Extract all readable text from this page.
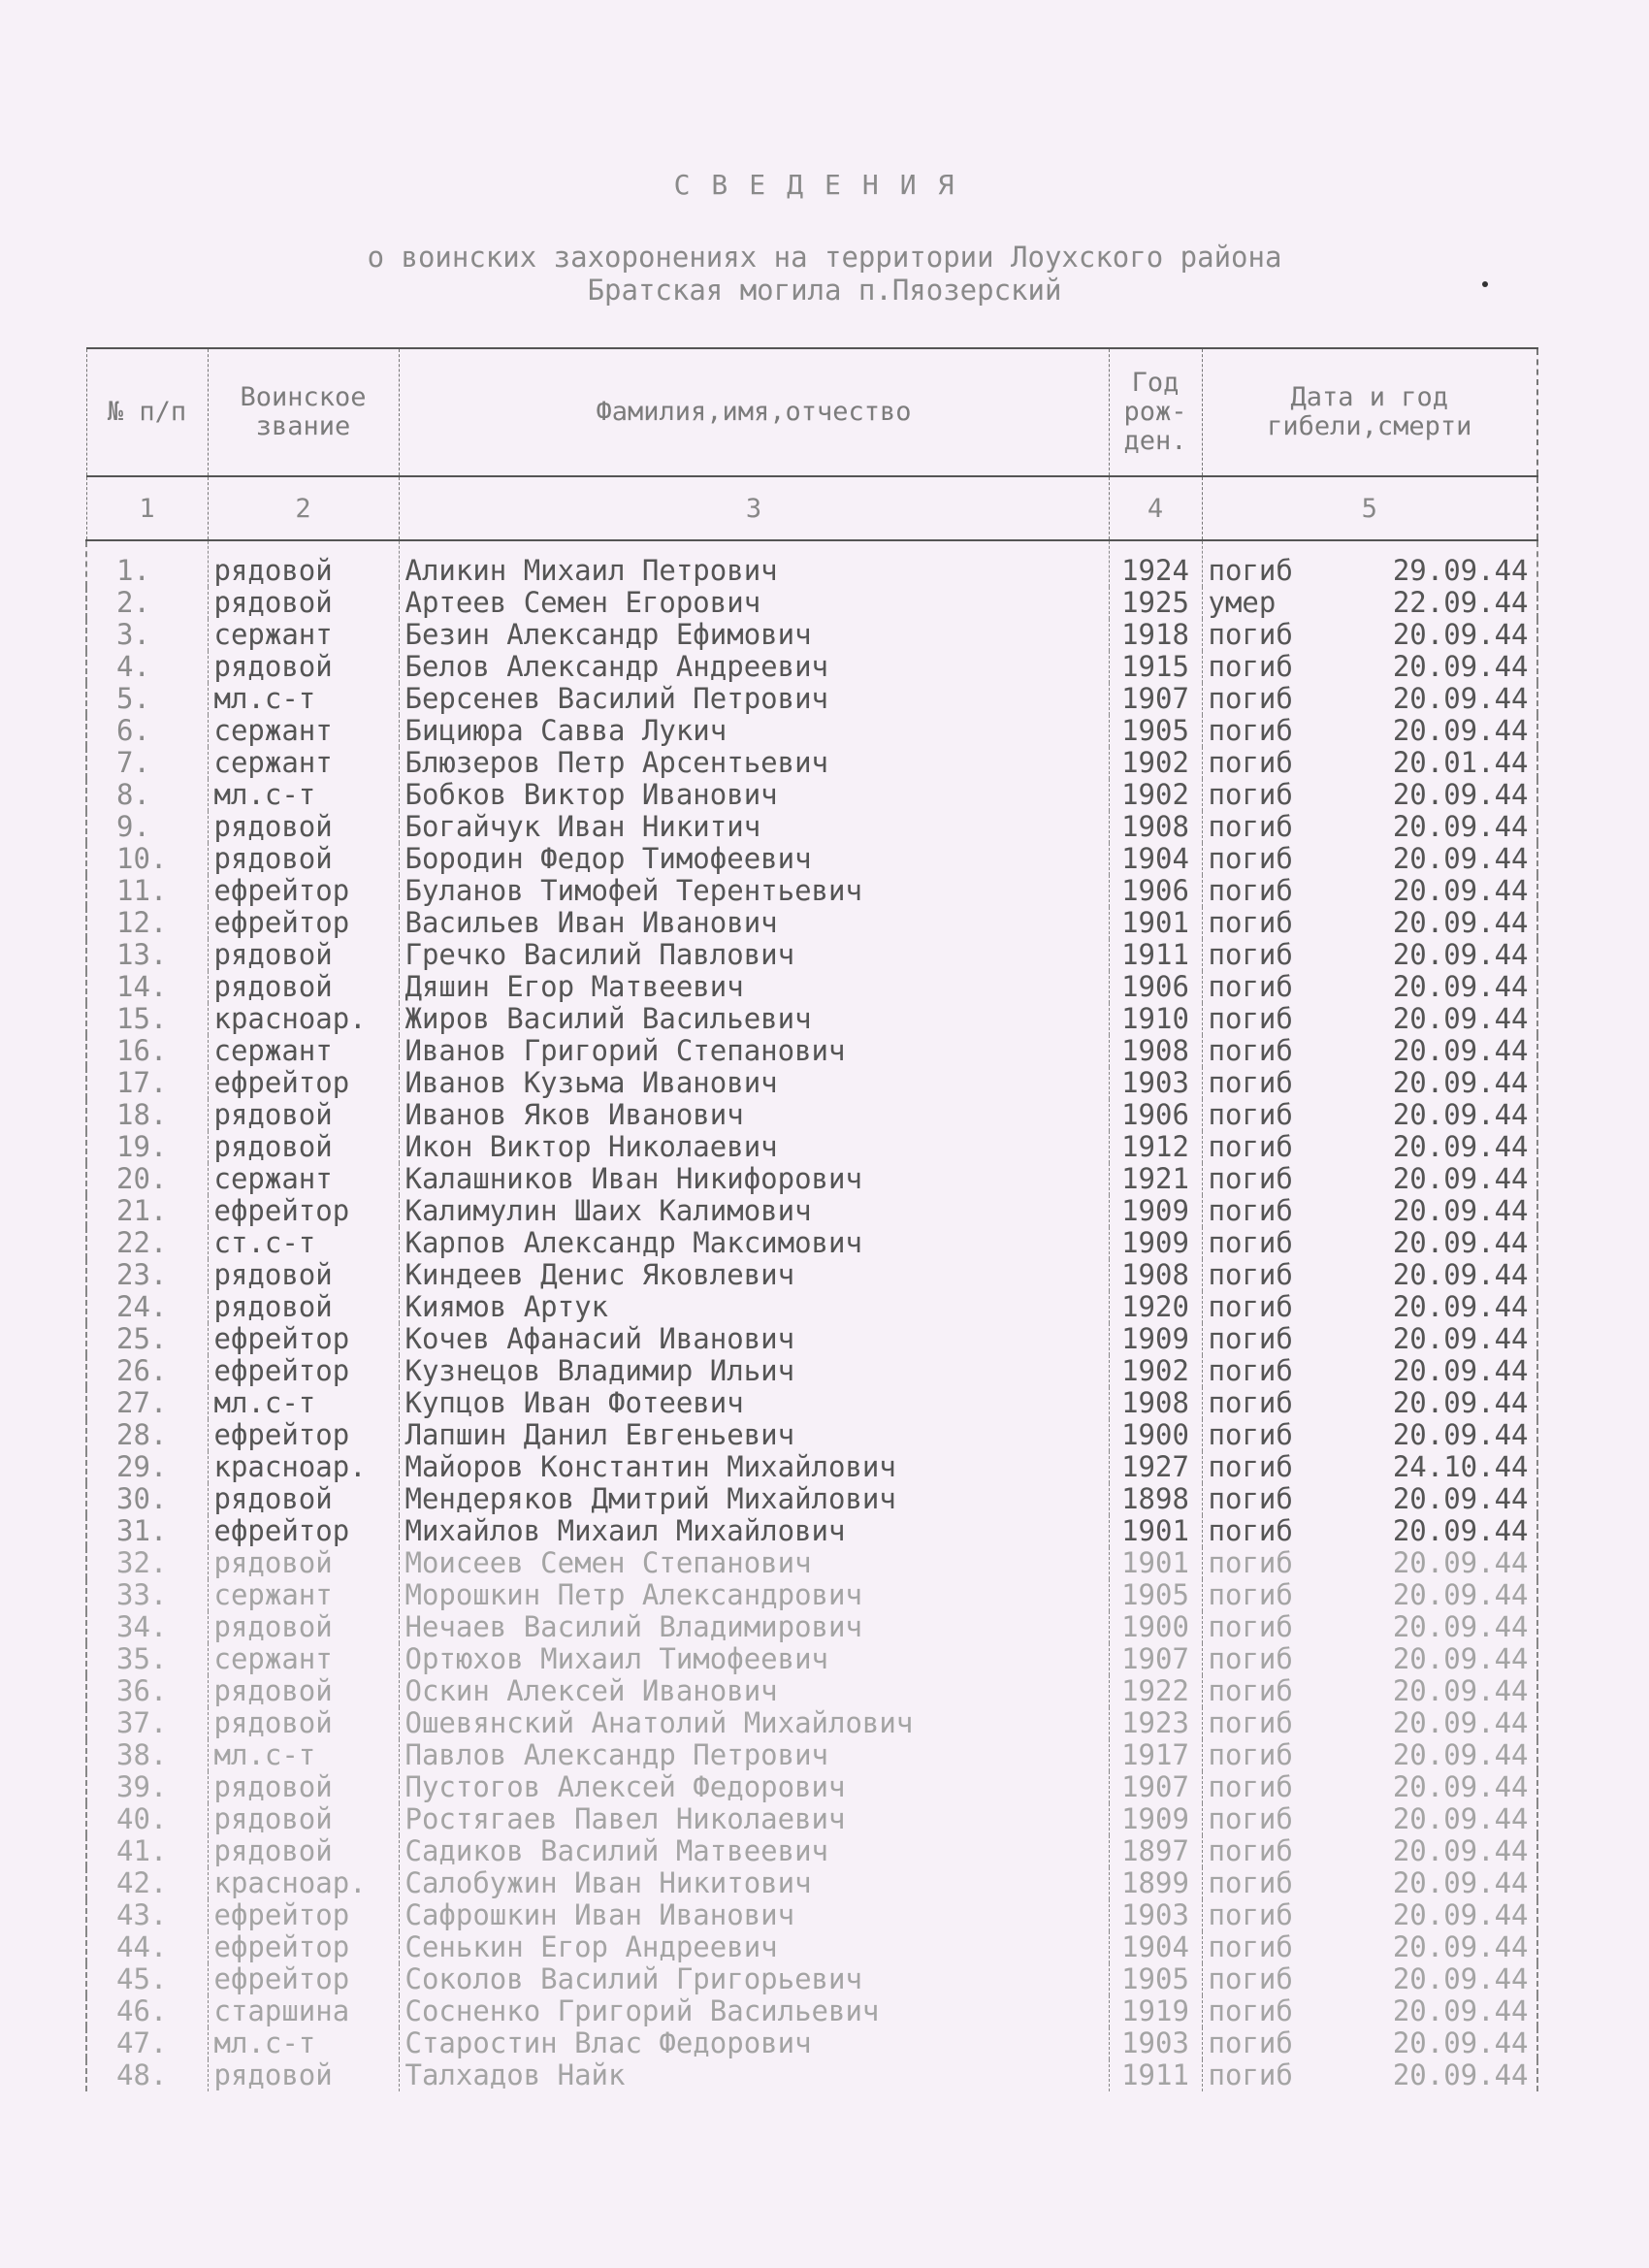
СВЕДЕНИЯ
о воинских захоронениях на территории Лоухского района
Братская могила п.Пяозерский
№ п/п	Воинское звание	Фамилия,имя,отчество	Год рож- ден.	Дата и год гибели,смерти
1	2	3	4	5
1.	рядовой	Аликин Михаил Петрович	1924	погиб 29.09.44
2.	рядовой	Артеев Семен Егорович	1925	умер 22.09.44
3.	сержант	Безин Александр Ефимович	1918	погиб 20.09.44
4.	рядовой	Белов Александр Андреевич	1915	погиб 20.09.44
5.	мл.с-т	Берсенев Василий Петрович	1907	погиб 20.09.44
6.	сержант	Бициюра Савва Лукич	1905	погиб 20.09.44
7.	сержант	Блюзеров Петр Арсентьевич	1902	погиб 20.01.44
8.	мл.с-т	Бобков Виктор Иванович	1902	погиб 20.09.44
9.	рядовой	Богайчук Иван Никитич	1908	погиб 20.09.44
10.	рядовой	Бородин Федор Тимофеевич	1904	погиб 20.09.44
11.	ефрейтор	Буланов Тимофей Терентьевич	1906	погиб 20.09.44
12.	ефрейтор	Васильев Иван Иванович	1901	погиб 20.09.44
13.	рядовой	Гречко Василий Павлович	1911	погиб 20.09.44
14.	рядовой	Дяшин Егор Матвеевич	1906	погиб 20.09.44
15.	красноар.	Жиров Василий Васильевич	1910	погиб 20.09.44
16.	сержант	Иванов Григорий Степанович	1908	погиб 20.09.44
17.	ефрейтор	Иванов Кузьма Иванович	1903	погиб 20.09.44
18.	рядовой	Иванов Яков Иванович	1906	погиб 20.09.44
19.	рядовой	Икон Виктор Николаевич	1912	погиб 20.09.44
20.	сержант	Калашников Иван Никифорович	1921	погиб 20.09.44
21.	ефрейтор	Калимулин Шаих Калимович	1909	погиб 20.09.44
22.	ст.с-т	Карпов Александр Максимович	1909	погиб 20.09.44
23.	рядовой	Киндеев Денис Яковлевич	1908	погиб 20.09.44
24.	рядовой	Киямов Артук	1920	погиб 20.09.44
25.	ефрейтор	Кочев Афанасий Иванович	1909	погиб 20.09.44
26.	ефрейтор	Кузнецов Владимир Ильич	1902	погиб 20.09.44
27.	мл.с-т	Купцов Иван Фотеевич	1908	погиб 20.09.44
28.	ефрейтор	Лапшин Данил Евгеньевич	1900	погиб 20.09.44
29.	красноар.	Майоров Константин Михайлович	1927	погиб 24.10.44
30.	рядовой	Мендеряков Дмитрий Михайлович	1898	погиб 20.09.44
31.	ефрейтор	Михайлов Михаил Михайлович	1901	погиб 20.09.44
32.	рядовой	Моисеев Семен Степанович	1901	погиб 20.09.44
33.	сержант	Морошкин Петр Александрович	1905	погиб 20.09.44
34.	рядовой	Нечаев Василий Владимирович	1900	погиб 20.09.44
35.	сержант	Ортюхов Михаил Тимофеевич	1907	погиб 20.09.44
36.	рядовой	Оскин Алексей Иванович	1922	погиб 20.09.44
37.	рядовой	Ошевянский Анатолий Михайлович	1923	погиб 20.09.44
38.	мл.с-т	Павлов Александр Петрович	1917	погиб 20.09.44
39.	рядовой	Пустогов Алексей Федорович	1907	погиб 20.09.44
40.	рядовой	Ростягаев Павел Николаевич	1909	погиб 20.09.44
41.	рядовой	Садиков Василий Матвеевич	1897	погиб 20.09.44
42.	красноар.	Салобужин Иван Никитович	1899	погиб 20.09.44
43.	ефрейтор	Сафрошкин Иван Иванович	1903	погиб 20.09.44
44.	ефрейтор	Сенькин Егор Андреевич	1904	погиб 20.09.44
45.	ефрейтор	Соколов Василий Григорьевич	1905	погиб 20.09.44
46.	старшина	Сосненко Григорий Васильевич	1919	погиб 20.09.44
47.	мл.с-т	Старостин Влас Федорович	1903	погиб 20.09.44
48.	рядовой	Талхадов Найк	1911	погиб 20.09.44
